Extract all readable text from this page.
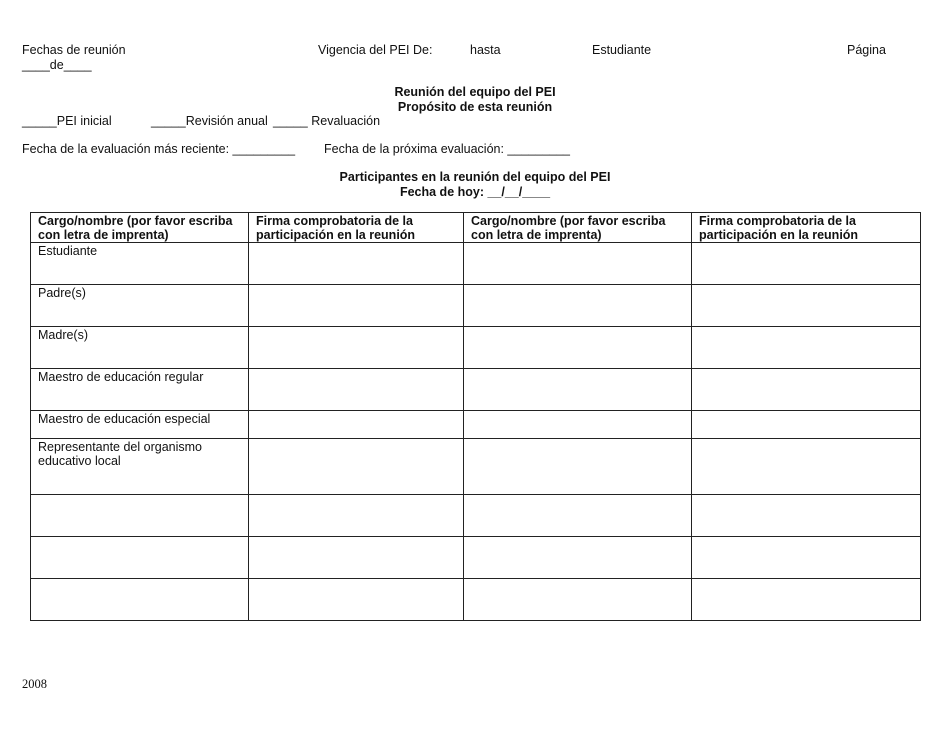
Fechas de reunión
____de____
Vigencia del PEI De:	hasta	Estudiante	Página
Reunión del equipo del PEI
Propósito de esta reunión
_____PEI inicial	_____Revisión anual _____ Revaluación
Fecha de la evaluación más reciente: _________ Fecha de la próxima evaluación: _________
Participantes en la reunión del equipo del PEI
Fecha de hoy: __/__/____
Cargo/nombre (por favor escriba con letra de imprenta)	Firma comprobatoria de la participación en la reunión	Cargo/nombre (por favor escriba con letra de imprenta)	Firma comprobatoria de la participación en la reunión
Estudiante			
Padre(s)			
Madre(s)			
Maestro de educación regular			
Maestro de educación especial			
Representante del organismo educativo local			

2008
